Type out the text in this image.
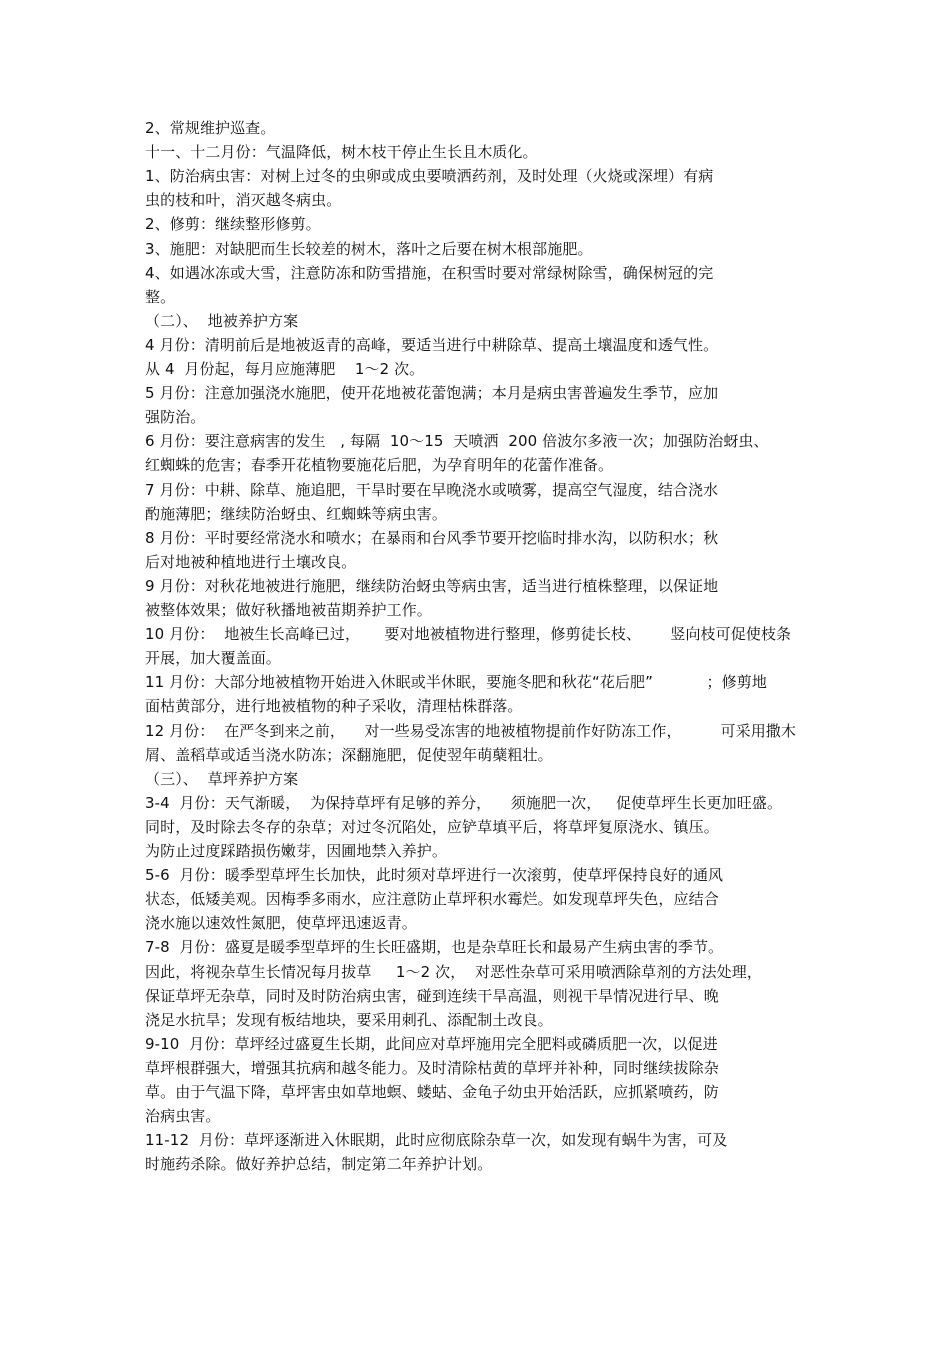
2、常规维护巡查。

十一、十二月份：气温降低，树木枝干停止生长且木质化。

1、防治病虫害：对树上过冬的虫卵或成虫要喷洒药剂，及时处理（火烧或深埋）有病

虫的枝和叶，消灭越冬病虫。

2、修剪：继续整形修剪。

3、施肥：对缺肥而生长较差的树木，落叶之后要在树木根部施肥。

4、如遇冰冻或大雪，注意防冻和防雪措施，在积雪时要对常绿树除雪，确保树冠的完

整。

（二）、  地被养护方案

4 月份：清明前后是地被返青的高峰，要适当进行中耕除草、提高土壤温度和透气性。

从 4  月份起，每月应施薄肥    1～2 次。

5 月份：注意加强浇水施肥，使开花地被花蕾饱满；本月是病虫害普遍发生季节，应加

强防治。

6 月份：要注意病害的发生   , 每隔  10～15  天喷洒  200 倍波尔多液一次；加强防治蚜虫、

红蜘蛛的危害；春季开花植物要施花后肥，为孕育明年的花蕾作准备。

7 月份：中耕、除草、施追肥，干旱时要在早晚浇水或喷雾，提高空气湿度，结合浇水

酌施薄肥；继续防治蚜虫、红蜘蛛等病虫害。

8 月份：平时要经常浇水和喷水；在暴雨和台风季节要开挖临时排水沟，以防积水；秋

后对地被种植地进行土壤改良。

9 月份：对秋花地被进行施肥，继续防治蚜虫等病虫害，适当进行植株整理，以保证地

被整体效果；做好秋播地被苗期养护工作。

10 月份：  地被生长高峰已过，     要对地被植物进行整理，修剪徒长枝、      竖向枝可促使枝条

开展，加大覆盖面。

11 月份：大部分地被植物开始进入休眠或半休眠，要施冬肥和秋花“花后肥”           ；修剪地

面枯黄部分，进行地被植物的种子采收，清理枯株群落。

12 月份：  在严冬到来之前，    对一些易受冻害的地被植物提前作好防冻工作，        可采用撒木

屑、盖稻草或适当浇水防冻；深翻施肥，促使翌年萌蘖粗壮。

（三）、  草坪养护方案

3-4  月份：天气渐暖，  为保持草坪有足够的养分，    须施肥一次，   促使草坪生长更加旺盛。

同时，及时除去冬存的杂草；对过冬沉陷处，应铲草填平后，将草坪复原浇水、镇压。

为防止过度踩踏损伤嫩芽，因圃地禁入养护。

5-6  月份：暖季型草坪生长加快，此时须对草坪进行一次滚剪，使草坪保持良好的通风

状态，低矮美观。因梅季多雨水，应注意防止草坪积水霉烂。如发现草坪失色，应结合

浇水施以速效性氮肥，使草坪迅速返青。

7-8  月份：盛夏是暖季型草坪的生长旺盛期，也是杂草旺长和最易产生病虫害的季节。

因此，将视杂草生长情况每月拔草     1～2 次，  对恶性杂草可采用喷洒除草剂的方法处理，

保证草坪无杂草，同时及时防治病虫害，碰到连续干旱高温，则视干旱情况进行早、晚

浇足水抗旱；发现有板结地块，要采用刺孔、添配制土改良。

9-10  月份：草坪经过盛夏生长期，此间应对草坪施用完全肥料或磷质肥一次，以促进

草坪根群强大，增强其抗病和越冬能力。及时清除枯黄的草坪并补种，同时继续拔除杂

草。由于气温下降，草坪害虫如草地螟、蝼蛄、金龟子幼虫开始活跃，应抓紧喷药，防

治病虫害。

11-12  月份：草坪逐渐进入休眠期，此时应彻底除杂草一次，如发现有蜗牛为害，可及

时施药杀除。做好养护总结，制定第二年养护计划。
